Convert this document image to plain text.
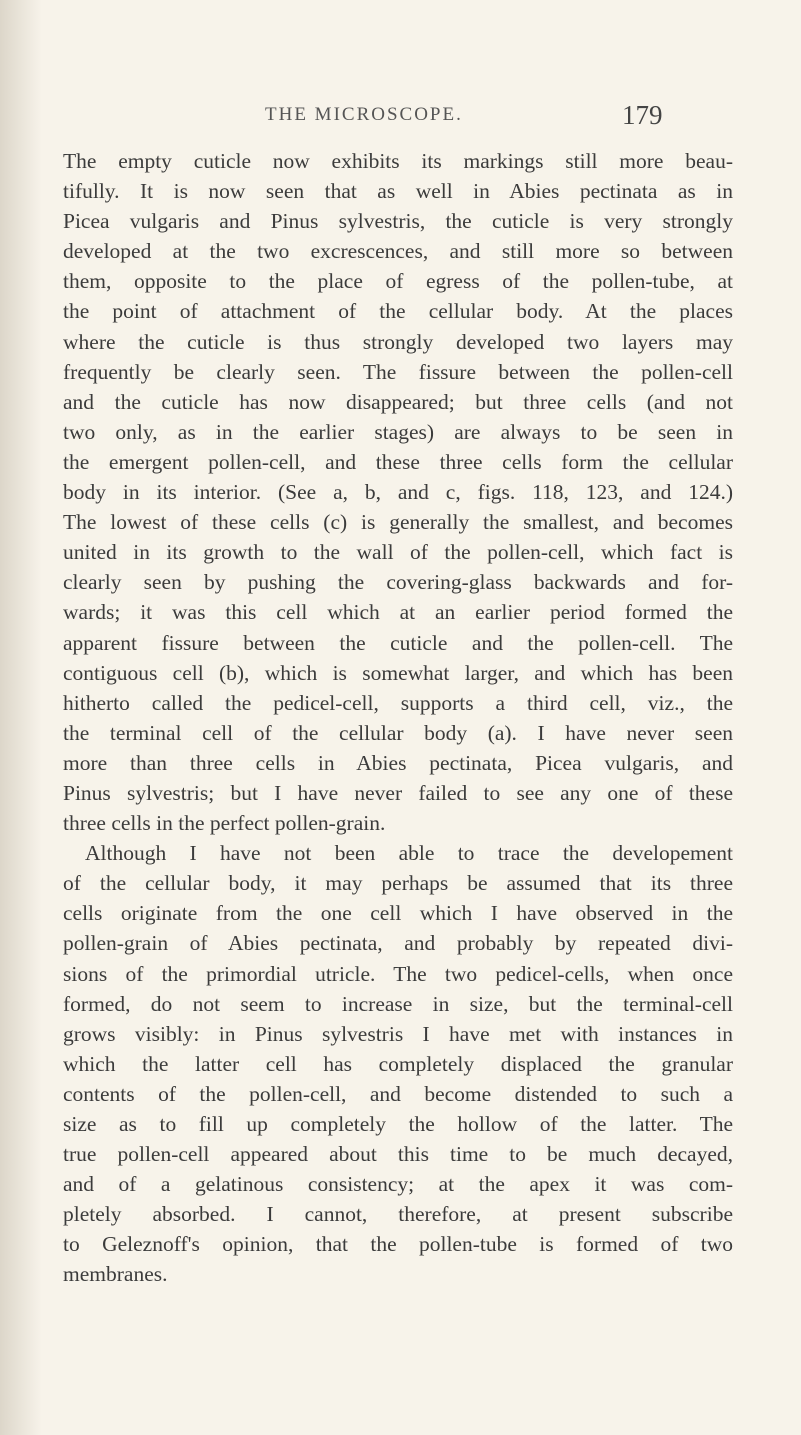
THE MICROSCOPE.	179
The empty cuticle now exhibits its markings still more beau-
tifully. It is now seen that as well in Abies pectinata as in
Picea vulgaris and Pinus sylvestris, the cuticle is very strongly
developed at the two excrescences, and still more so between
them, opposite to the place of egress of the pollen-tube, at
the point of attachment of the cellular body. At the places
where the cuticle is thus strongly developed two layers may
frequently be clearly seen. The fissure between the pollen-cell
and the cuticle has now disappeared; but three cells (and not
two only, as in the earlier stages) are always to be seen in
the emergent pollen-cell, and these three cells form the cellular
body in its interior. (See a, b, and c, figs. 118, 123, and 124.)
The lowest of these cells (c) is generally the smallest, and becomes
united in its growth to the wall of the pollen-cell, which fact is
clearly seen by pushing the covering-glass backwards and for-
wards; it was this cell which at an earlier period formed the
apparent fissure between the cuticle and the pollen-cell. The
contiguous cell (b), which is somewhat larger, and which has been
hitherto called the pedicel-cell, supports a third cell, viz., the
the terminal cell of the cellular body (a). I have never seen
more than three cells in Abies pectinata, Picea vulgaris, and
Pinus sylvestris; but I have never failed to see any one of these
three cells in the perfect pollen-grain.
Although I have not been able to trace the developement
of the cellular body, it may perhaps be assumed that its three
cells originate from the one cell which I have observed in the
pollen-grain of Abies pectinata, and probably by repeated divi-
sions of the primordial utricle. The two pedicel-cells, when once
formed, do not seem to increase in size, but the terminal-cell
grows visibly: in Pinus sylvestris I have met with instances in
which the latter cell has completely displaced the granular
contents of the pollen-cell, and become distended to such a
size as to fill up completely the hollow of the latter. The
true pollen-cell appeared about this time to be much decayed,
and of a gelatinous consistency; at the apex it was com-
pletely absorbed. I cannot, therefore, at present subscribe
to Geleznoff's opinion, that the pollen-tube is formed of two
membranes.
